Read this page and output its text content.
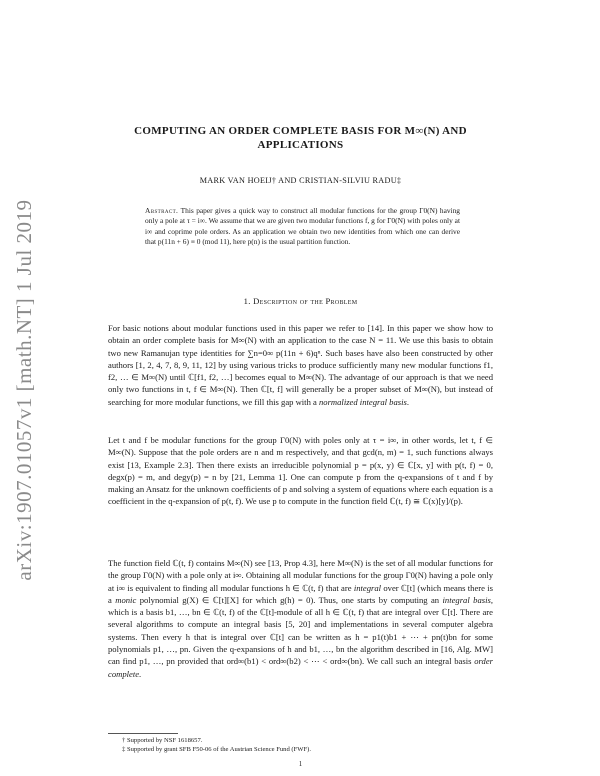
arXiv:1907.01057v1 [math.NT] 1 Jul 2019
COMPUTING AN ORDER COMPLETE BASIS FOR M∞(N) AND APPLICATIONS
MARK VAN HOEIJ† AND CRISTIAN-SILVIU RADU‡
Abstract. This paper gives a quick way to construct all modular functions for the group Γ0(N) having only a pole at τ = i∞. We assume that we are given two modular functions f, g for Γ0(N) with poles only at i∞ and coprime pole orders. As an application we obtain two new identities from which one can derive that p(11n + 6) ≡ 0 (mod 11), here p(n) is the usual partition function.
1. Description of the Problem
For basic notions about modular functions used in this paper we refer to [14]. In this paper we show how to obtain an order complete basis for M∞(N) with an application to the case N = 11. We use this basis to obtain two new Ramanujan type identities for ∑n=0∞ p(11n + 6)qⁿ. Such bases have also been constructed by other authors [1, 2, 4, 7, 8, 9, 11, 12] by using various tricks to produce sufficiently many new modular functions f1, f2, … ∈ M∞(N) until ℂ[f1, f2, …] becomes equal to M∞(N). The advantage of our approach is that we need only two functions in t, f ∈ M∞(N). Then ℂ[t, f] will generally be a proper subset of M∞(N), but instead of searching for more modular functions, we fill this gap with a normalized integral basis.
Let t and f be modular functions for the group Γ0(N) with poles only at τ = i∞, in other words, let t, f ∈ M∞(N). Suppose that the pole orders are n and m respectively, and that gcd(n, m) = 1, such functions always exist [13, Example 2.3]. Then there exists an irreducible polynomial p = p(x, y) ∈ ℂ[x, y] with p(t, f) = 0, degx(p) = m, and degy(p) = n by [21, Lemma 1]. One can compute p from the q-expansions of t and f by making an Ansatz for the unknown coefficients of p and solving a system of equations where each equation is a coefficient in the q-expansion of p(t, f). We use p to compute in the function field ℂ(t, f) ≅ ℂ(x)[y]/(p).
The function field ℂ(t, f) contains M∞(N) see [13, Prop 4.3], here M∞(N) is the set of all modular functions for the group Γ0(N) with a pole only at i∞. Obtaining all modular functions for the group Γ0(N) having a pole only at i∞ is equivalent to finding all modular functions h ∈ ℂ(t, f) that are integral over ℂ[t] (which means there is a monic polynomial g(X) ∈ ℂ[t][X] for which g(h) = 0). Thus, one starts by computing an integral basis, which is a basis b1, …, bn ∈ ℂ(t, f) of the ℂ[t]-module of all h ∈ ℂ(t, f) that are integral over ℂ[t]. There are several algorithms to compute an integral basis [5, 20] and implementations in several computer algebra systems. Then every h that is integral over ℂ[t] can be written as h = p1(t)b1 + ⋯ + pn(t)bn for some polynomials p1, …, pn. Given the q-expansions of h and b1, …, bn the algorithm described in [16, Alg. MW] can find p1, …, pn provided that ord∞(b1) < ord∞(b2) < ⋯ < ord∞(bn). We call such an integral basis order complete.
† Supported by NSF 1618657.
‡ Supported by grant SFB F50-06 of the Austrian Science Fund (FWF).
1
